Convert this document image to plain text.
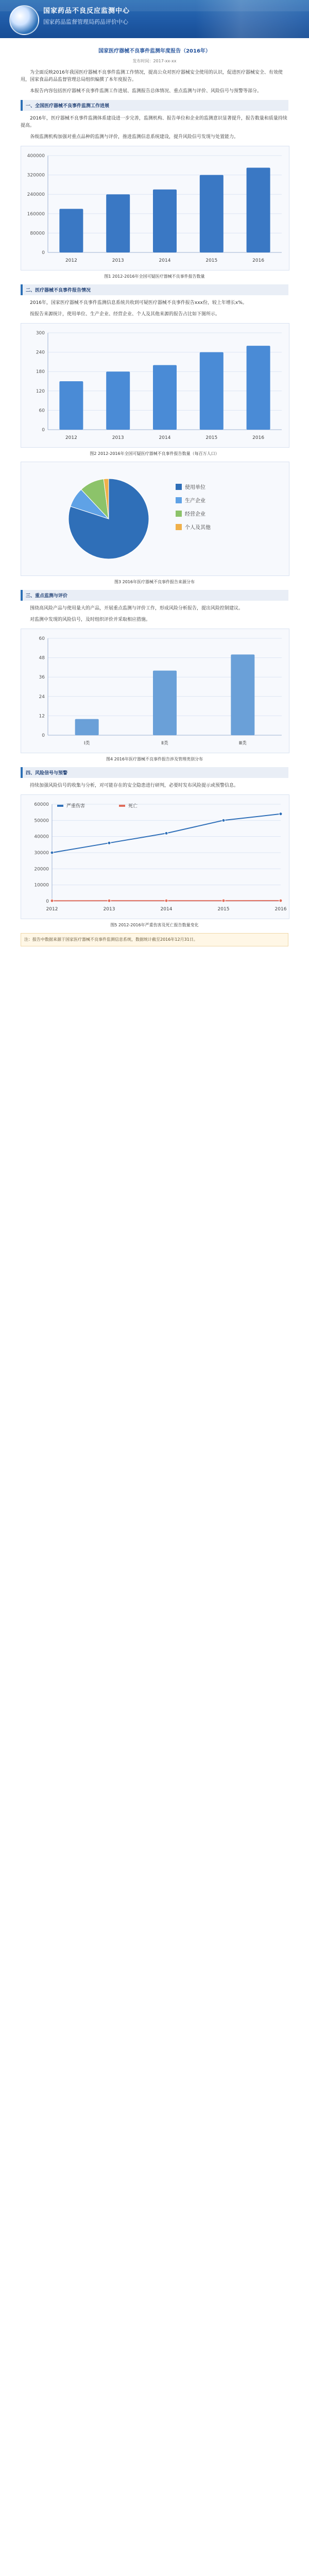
国家药品不良反应监测中心
国家药品监督管理局药品评价中心
国家医疗器械不良事件监测年度报告（2016年）
发布时间：2017-xx-xx

为全面反映2016年我国医疗器械不良事件监测工作情况，提高公众对医疗器械安全使用的认识，促进医疗器械安全、有效使用，国家食品药品监督管理总局组织编撰了本年度报告。

本报告内容包括医疗器械不良事件监测工作进展、监测报告总体情况、重点监测与评价、风险信号与预警等部分。

一、全国医疗器械不良事件监测工作进展

2016年，医疗器械不良事件监测体系建设进一步完善，监测机构、报告单位和企业的监测意识显著提升，报告数量和质量持续提高。

各级监测机构加强对重点品种的监测与评价，推进监测信息系统建设，提升风险信号发现与处置能力。

0
80000
160000
240000
320000
400000
2012	2013	2014	2015	2016
图1 2012-2016年全国可疑医疗器械不良事件报告数量
二、医疗器械不良事件报告情况

2016年，国家医疗器械不良事件监测信息系统共收到可疑医疗器械不良事件报告xxx份，较上年增长x%。

按报告来源统计，使用单位、生产企业、经营企业、个人及其他来源的报告占比如下图所示。

0
60
120
180
240
300
2012	2013	2014	2015	2016
图2 2012-2016年全国可疑医疗器械不良事件报告数量（每百万人口）
使用单位
生产企业
经营企业
个人及其他
图3 2016年医疗器械不良事件报告来源分布
三、重点监测与评价

围绕高风险产品与使用量大的产品，开展重点监测与评价工作，形成风险分析报告，提出风险控制建议。

对监测中发现的风险信号，及时组织评价并采取相应措施。

0
12
24
36
48
60
Ⅰ类	Ⅱ类	Ⅲ类
图4 2016年医疗器械不良事件报告涉及管理类别分布
四、风险信号与预警

持续加强风险信号的收集与分析，对可能存在的安全隐患进行研判，必要时发布风险提示或预警信息。

0
10000
20000
30000
40000
50000
60000
2012	2013	2014	2015	2016
严重伤害	死亡
图5 2012-2016年严重伤害及死亡报告数量变化
注：报告中数据来源于国家医疗器械不良事件监测信息系统，数据统计截至2016年12月31日。
